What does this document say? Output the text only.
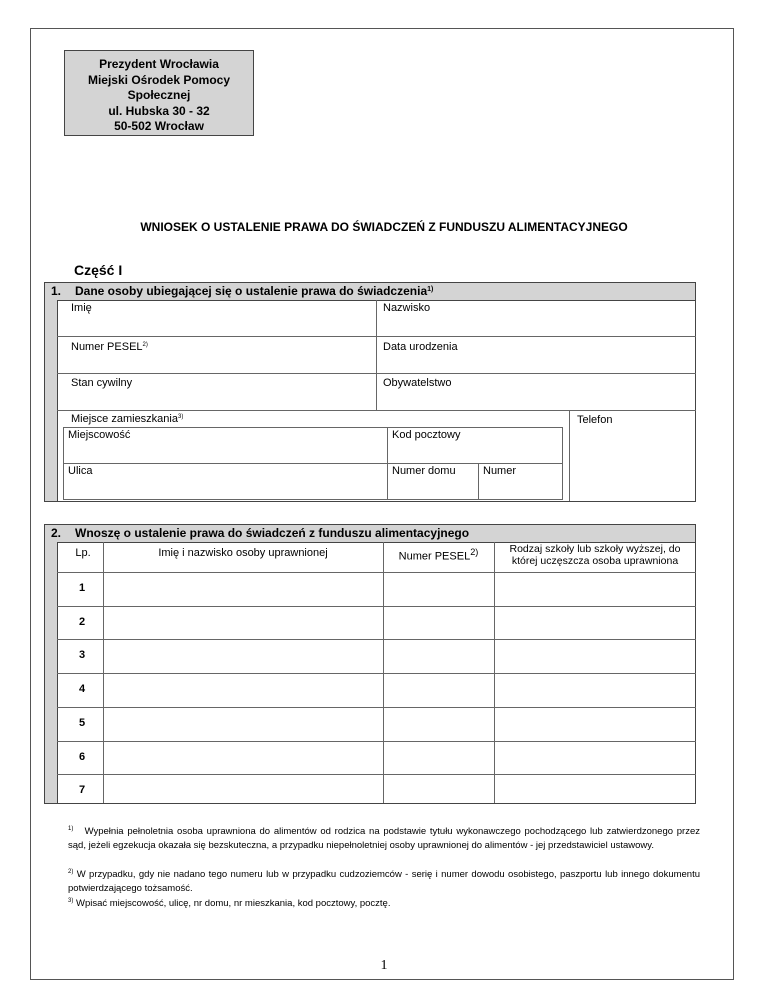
Prezydent Wrocławia
Miejski Ośrodek Pomocy
Społecznej
ul. Hubska 30 - 32
50-502 Wrocław
WNIOSEK O USTALENIE PRAWA DO ŚWIADCZEŃ Z FUNDUSZU ALIMENTACYJNEGO
Część I
1. Dane osoby ubiegającej się o ustalenie prawa do świadczenia$^{1)}$
Imię	Nazwisko
Numer PESEL$^{2)}$	Data urodzenia
Stan cywilny	Obywatelstwo
Miejsce zamieszkania$^{3)}$	Telefon
Miejscowość	Kod pocztowy
Ulica	Numer domu	Numer
2. Wnoszę o ustalenie prawa do świadczeń z funduszu alimentacyjnego
Lp.	Imię i nazwisko osoby uprawnionej	Numer PESEL$^{2)}$	Rodzaj szkoły lub szkoły wyższej, do której uczęszcza osoba uprawniona
1
2
3
4
5
6
7
$^{1)}$ Wypełnia pełnoletnia osoba uprawniona do alimentów od rodzica na podstawie tytułu wykonawczego pochodzącego lub zatwierdzonego przez sąd, jeżeli egzekucja okazała się bezskuteczna, a przypadku niepełnoletniej osoby uprawnionej do alimentów - jej przedstawiciel ustawowy.
$^{2)}$ W przypadku, gdy nie nadano tego numeru lub w przypadku cudzoziemców - serię i numer dowodu osobistego, paszportu lub innego dokumentu potwierdzającego tożsamość.
$^{3)}$ Wpisać miejscowość, ulicę, nr domu, nr mieszkania, kod pocztowy, pocztę.
1
